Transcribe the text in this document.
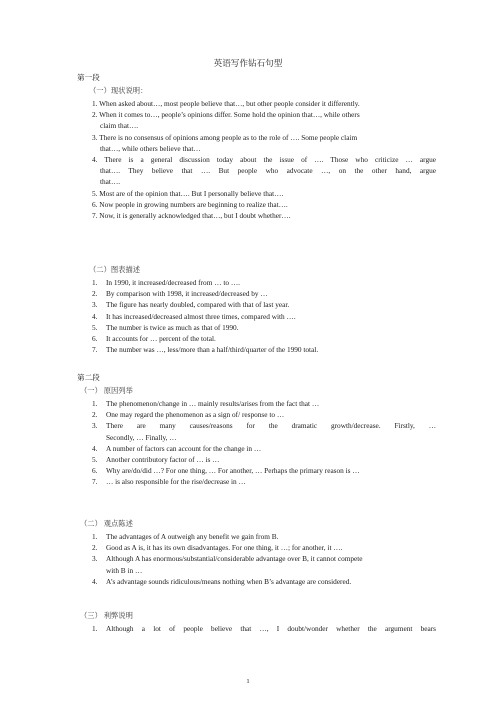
英语写作钻石句型
第一段
（一）现状说明：
1. When asked about…, most people believe that…, but other people consider it differently.
2. When it comes to…, people’s opinions differ. Some hold the opinion that…, while others
claim that….
3. There is no consensus of opinions among people as to the role of …. Some people claim
that…, while others believe that…
4. There is a general discussion today about the issue of …. Those who criticize … argue
that…. They believe that …. But people who advocate …, on the other hand, argue
that….
5. Most are of the opinion that…. But I personally believe that….
6. Now people in growing numbers are beginning to realize that….
7. Now, it is generally acknowledged that…, but I doubt whether….
（二）图表描述
1. In 1990, it increased/decreased from … to ….
2. By comparison with 1998, it increased/decreased by …
3. The figure has nearly doubled, compared with that of last year.
4. It has increased/decreased almost three times, compared with ….
5. The number is twice as much as that of 1990.
6. It accounts for … percent of the total.
7. The number was …, less/more than a half/third/quarter of the 1990 total.
第二段
（一） 原因列举
1. The phenomenon/change in … mainly results/arises from the fact that …
2. One may regard the phenomenon as a sign of/ response to …
3. There are many causes/reasons for the dramatic growth/decrease. Firstly, …
Secondly, … Finally, …
4. A number of factors can account for the change in …
5. Another contributory factor of … is …
6. Why are/do/did …? For one thing, … For another, … Perhaps the primary reason is …
7. … is also responsible for the rise/decrease in …
（二） 观点陈述
1. The advantages of A outweigh any benefit we gain from B.
2. Good as A is, it has its own disadvantages. For one thing, it …; for another, it ….
3. Although A has enormous/substantial/considerable advantage over B, it cannot compete
with B in …
4. A’s advantage sounds ridiculous/means nothing when B’s advantage are considered.
（三） 利弊说明
1. Although a lot of people believe that …, I doubt/wonder whether the argument bears
1
